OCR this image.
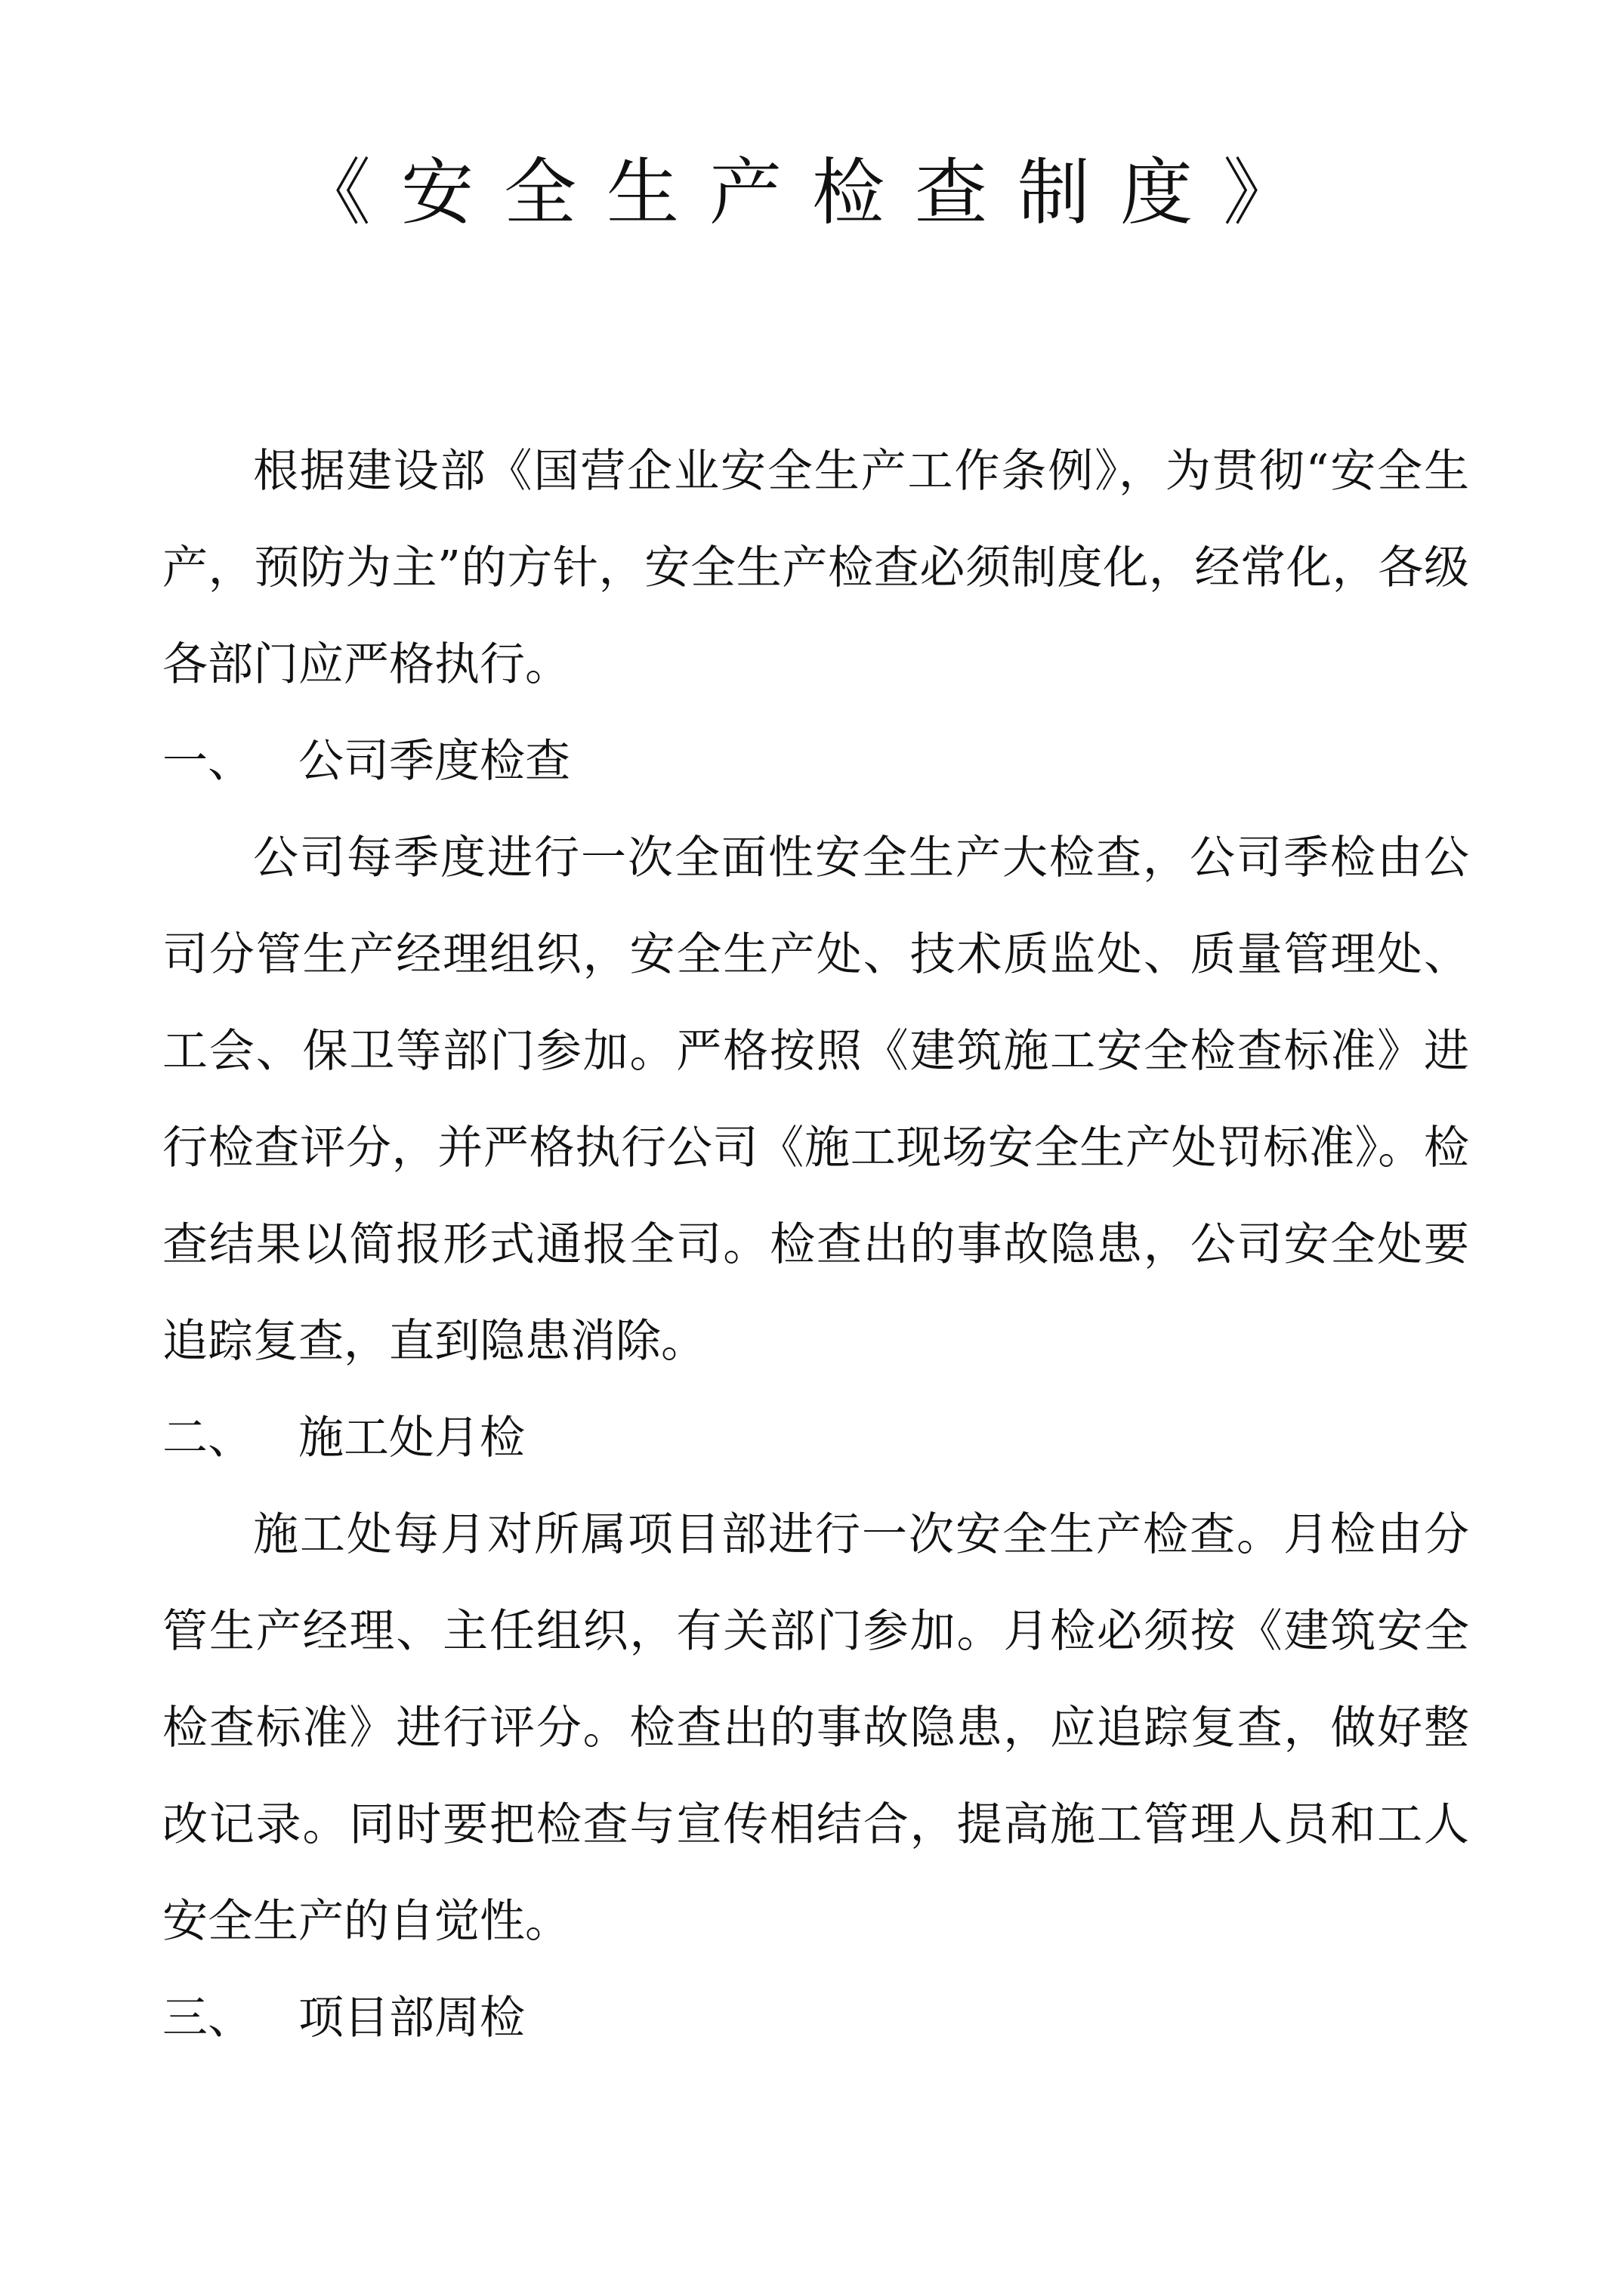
《安全生产检查制度》

根据建设部《国营企业安全生产工作条例》，为贯彻“安全生产，预防为主”的方针，安全生产检查必须制度化，经常化，各级各部门应严格执行。

一、 公司季度检查

公司每季度进行一次全面性安全生产大检查，公司季检由公司分管生产经理组织，安全生产处、技术质监处、质量管理处、工会、保卫等部门参加。严格按照《建筑施工安全检查标准》进行检查评分，并严格执行公司《施工现场安全生产处罚标准》。检查结果以简报形式通报全司。检查出的事故隐患，公司安全处要追踪复查，直到隐患消除。

二、 施工处月检

施工处每月对所属项目部进行一次安全生产检查。月检由分管生产经理、主任组织，有关部门参加。月检必须按《建筑安全检查标准》进行评分。检查出的事故隐患，应追踪复查，做好整改记录。同时要把检查与宣传相结合，提高施工管理人员和工人安全生产的自觉性。

三、 项目部周检
